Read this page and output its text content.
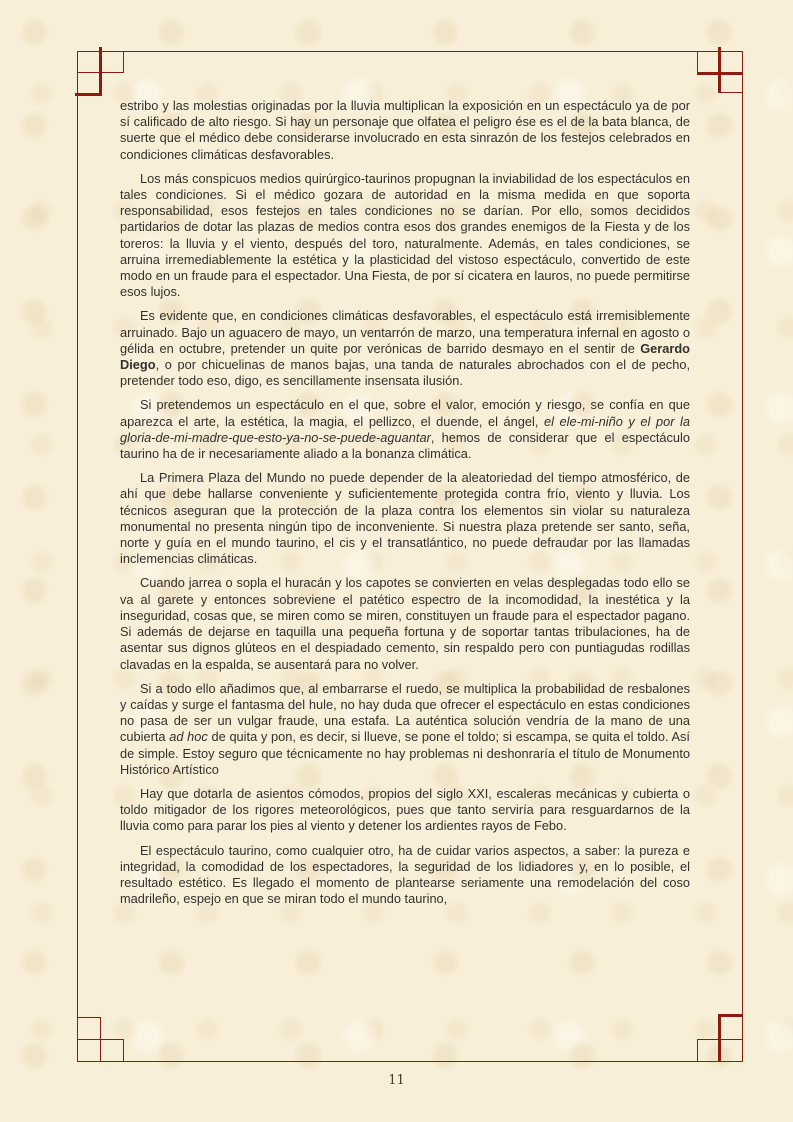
estribo y las molestias originadas por la lluvia multiplican la exposición en un espectáculo ya de por sí calificado de alto riesgo. Si hay un personaje que olfatea el peligro ése es el de la bata blanca, de suerte que el médico debe considerarse involucrado en esta sinrazón de los festejos celebrados en condiciones climáticas desfavorables.

Los más conspicuos medios quirúrgico-taurinos propugnan la inviabilidad de los espectáculos en tales condiciones. Si el médico gozara de autoridad en la misma medida en que soporta responsabilidad, esos festejos en tales condiciones no se darían. Por ello, somos decididos partidarios de dotar las plazas de medios contra esos dos grandes enemigos de la Fiesta y de los toreros: la lluvia y el viento, después del toro, naturalmente. Además, en tales condiciones, se arruina irremediablemente la estética y la plasticidad del vistoso espectáculo, convertido de este modo en un fraude para el espectador. Una Fiesta, de por sí cicatera en lauros, no puede permitirse esos lujos.

Es evidente que, en condiciones climáticas desfavorables, el espectáculo está irremisiblemente arruinado. Bajo un aguacero de mayo, un ventarrón de marzo, una temperatura infernal en agosto o gélida en octubre, pretender un quite por verónicas de barrido desmayo en el sentir de Gerardo Diego, o por chicuelinas de manos bajas, una tanda de naturales abrochados con el de pecho, pretender todo eso, digo, es sencillamente insensata ilusión.

Si pretendemos un espectáculo en el que, sobre el valor, emoción y riesgo, se confía en que aparezca el arte, la estética, la magia, el pellizco, el duende, el ángel, el ele-mi-niño y el por la gloria-de-mi-madre-que-esto-ya-no-se-puede-aguantar, hemos de considerar que el espectáculo taurino ha de ir necesariamente aliado a la bonanza climática.

La Primera Plaza del Mundo no puede depender de la aleatoriedad del tiempo atmosférico, de ahí que debe hallarse conveniente y suficientemente protegida contra frío, viento y lluvia. Los técnicos aseguran que la protección de la plaza contra los elementos sin violar su naturaleza monumental no presenta ningún tipo de inconveniente. Si nuestra plaza pretende ser santo, seña, norte y guía en el mundo taurino, el cis y el transatlántico, no puede defraudar por las llamadas inclemencias climáticas.

Cuando jarrea o sopla el huracán y los capotes se convierten en velas desplegadas todo ello se va al garete y entonces sobreviene el patético espectro de la incomodidad, la inestética y la inseguridad, cosas que, se miren como se miren, constituyen un fraude para el espectador pagano. Si además de dejarse en taquilla una pequeña fortuna y de soportar tantas tribulaciones, ha de asentar sus dignos glúteos en el despiadado cemento, sin respaldo pero con puntiagudas rodillas clavadas en la espalda, se ausentará para no volver.

Si a todo ello añadimos que, al embarrarse el ruedo, se multiplica la probabilidad de resbalones y caídas y surge el fantasma del hule, no hay duda que ofrecer el espectáculo en estas condiciones no pasa de ser un vulgar fraude, una estafa. La auténtica solución vendría de la mano de una cubierta ad hoc de quita y pon, es decir, si llueve, se pone el toldo; si escampa, se quita el toldo. Así de simple. Estoy seguro que técnicamente no hay problemas ni deshonraría el título de Monumento Histórico Artístico

Hay que dotarla de asientos cómodos, propios del siglo XXI, escaleras mecánicas y cubierta o toldo mitigador de los rigores meteorológicos, pues que tanto serviría para resguardarnos de la lluvia como para parar los pies al viento y detener los ardientes rayos de Febo.

El espectáculo taurino, como cualquier otro, ha de cuidar varios aspectos, a saber: la pureza e integridad, la comodidad de los espectadores, la seguridad de los lidiadores y, en lo posible, el resultado estético. Es llegado el momento de plantearse seriamente una remodelación del coso madrileño, espejo en que se miran todo el mundo taurino,

11
